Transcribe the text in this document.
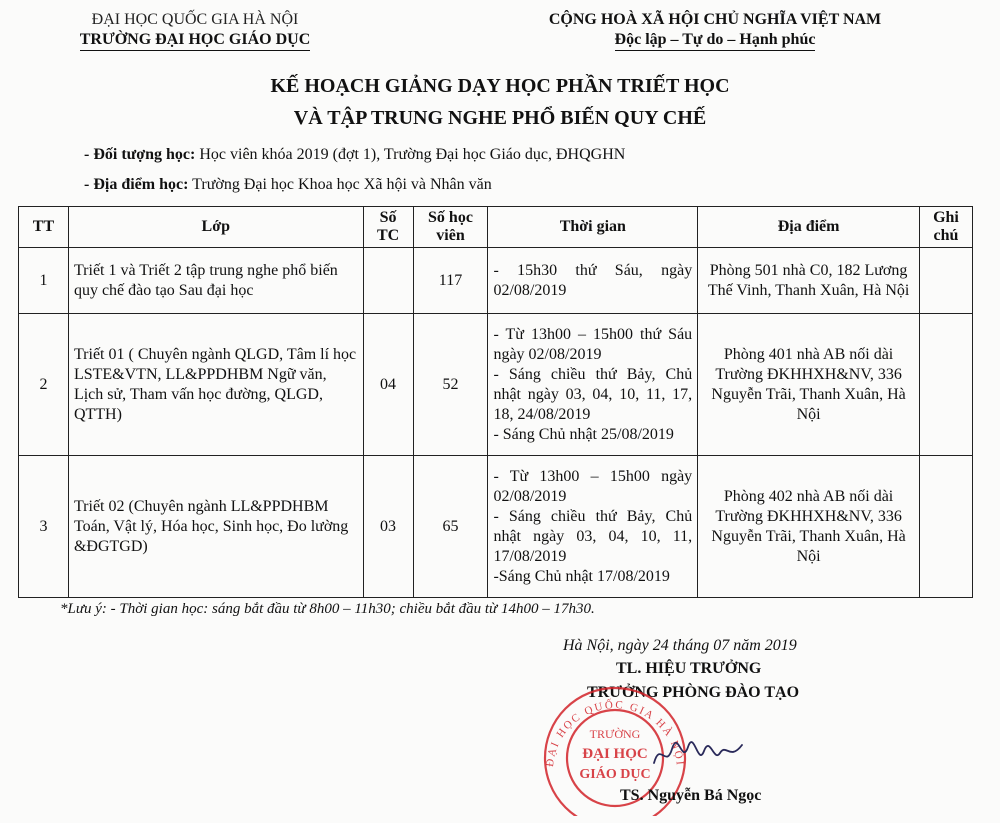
ĐẠI HỌC QUỐC GIA HÀ NỘI
TRƯỜNG ĐẠI HỌC GIÁO DỤC
CỘNG HOÀ XÃ HỘI CHỦ NGHĨA VIỆT NAM
Độc lập – Tự do – Hạnh phúc
KẾ HOẠCH GIẢNG DẠY HỌC PHẦN TRIẾT HỌC
VÀ TẬP TRUNG NGHE PHỔ BIẾN QUY CHẾ
- Đối tượng học: Học viên khóa 2019 (đợt 1), Trường Đại học Giáo dục, ĐHQGHN
- Địa điểm học: Trường Đại học Khoa học Xã hội và Nhân văn
TT	Lớp	Số TC	Số học viên	Thời gian	Địa điểm	Ghi chú
1	Triết 1 và Triết 2 tập trung nghe phổ biến quy chế đào tạo Sau đại học		117	- 15h30 thứ Sáu, ngày 02/08/2019	Phòng 501 nhà C0, 182 Lương Thế Vinh, Thanh Xuân, Hà Nội	
2	Triết 01 ( Chuyên ngành QLGD, Tâm lí học LSTE&VTN, LL&PPDHBM Ngữ văn, Lịch sử, Tham vấn học đường, QLGD, QTTH)	04	52	- Từ 13h00 – 15h00 thứ Sáu ngày 02/08/2019
- Sáng chiều thứ Bảy, Chủ nhật ngày 03, 04, 10, 11, 17, 18, 24/08/2019
- Sáng Chủ nhật 25/08/2019	Phòng 401 nhà AB nối dài Trường ĐKHHXH&NV, 336 Nguyễn Trãi, Thanh Xuân, Hà Nội	
3	Triết 02 (Chuyên ngành LL&PPDHBM Toán, Vật lý, Hóa học, Sinh học, Đo lường &ĐGTGD)	03	65	- Từ 13h00 – 15h00 ngày 02/08/2019
- Sáng chiều thứ Bảy, Chủ nhật ngày 03, 04, 10, 11, 17/08/2019
-Sáng Chủ nhật 17/08/2019	Phòng 402 nhà AB nối dài Trường ĐKHHXH&NV, 336 Nguyễn Trãi, Thanh Xuân, Hà Nội	
*Lưu ý: - Thời gian học: sáng bắt đầu từ 8h00 – 11h30; chiều bắt đầu từ 14h00 – 17h30.
Hà Nội, ngày 24 tháng 07 năm 2019
TL. HIỆU TRƯỞNG
TRƯỞNG PHÒNG ĐÀO TẠO
ĐẠI HỌC QUỐC GIA HÀ NỘI
TRƯỜNG
ĐẠI HỌC
GIÁO DỤC
TS. Nguyễn Bá Ngọc
